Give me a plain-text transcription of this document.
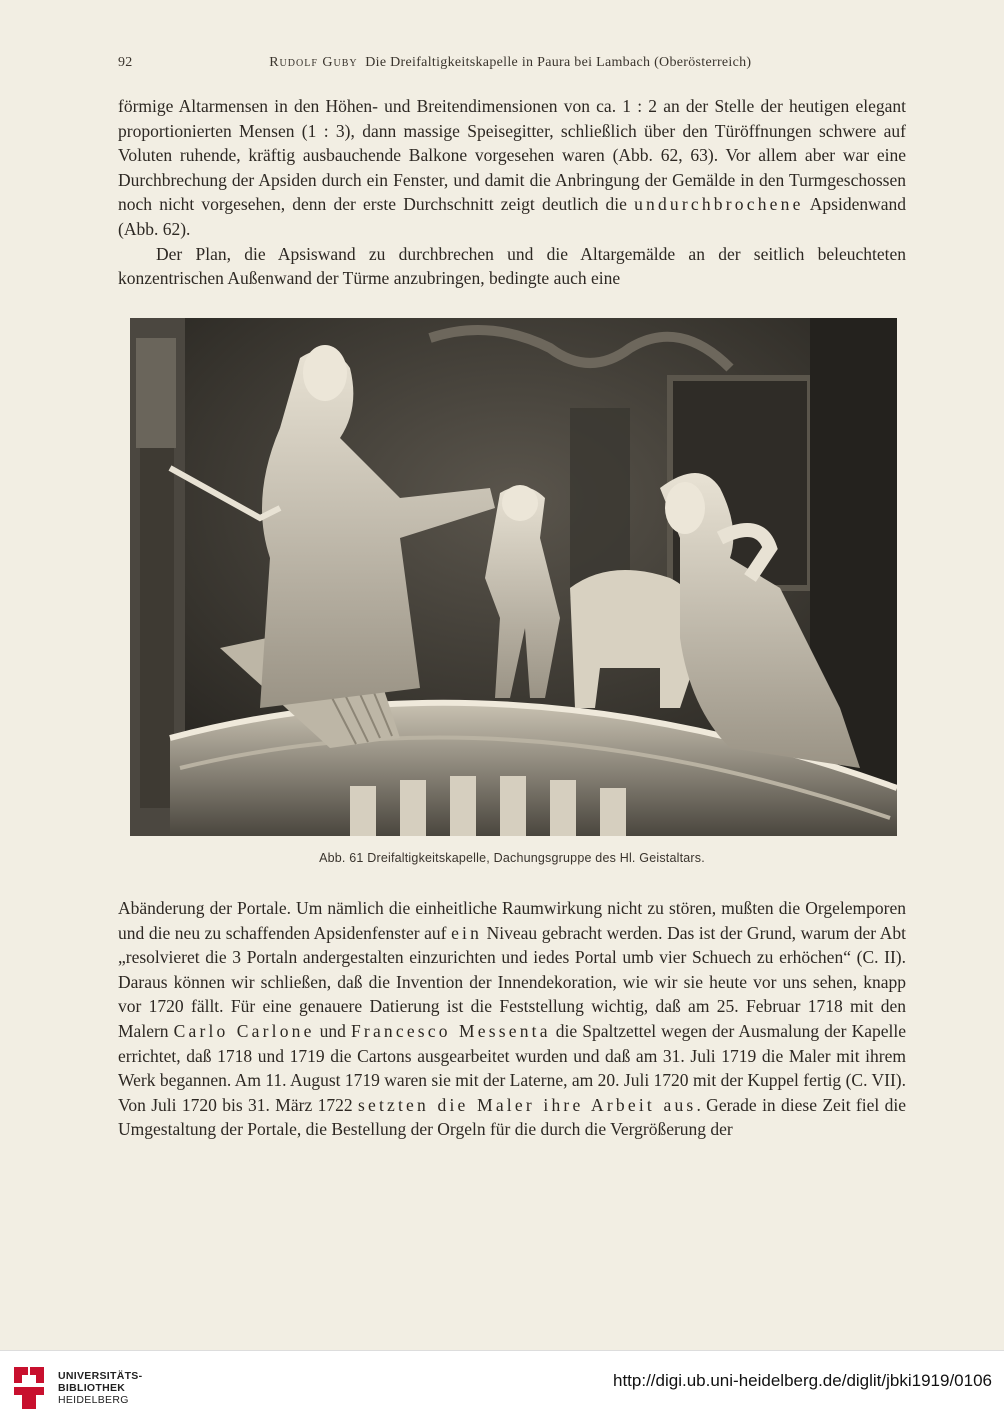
92	Rudolf Guby Die Dreifaltigkeitskapelle in Paura bei Lambach (Oberösterreich)

förmige Altarmensen in den Höhen- und Breitendimensionen von ca. 1 : 2 an der Stelle der heutigen elegant proportionierten Mensen (1 : 3), dann massige Speisegitter, schließlich über den Türöffnungen schwere auf Voluten ruhende, kräftig ausbauchende Balkone vorgesehen waren (Abb. 62, 63). Vor allem aber war eine Durchbrechung der Apsiden durch ein Fenster, und damit die Anbringung der Gemälde in den Turmgeschossen noch nicht vorgesehen, denn der erste Durchschnitt zeigt deutlich die undurchbrochene Apsidenwand (Abb. 62).

Der Plan, die Apsiswand zu durchbrechen und die Altargemälde an der seitlich beleuchteten konzentrischen Außenwand der Türme anzubringen, bedingte auch eine

Abb. 61 Dreifaltigkeitskapelle, Dachungsgruppe des Hl. Geistaltars.

Abänderung der Portale. Um nämlich die einheitliche Raumwirkung nicht zu stören, mußten die Orgelemporen und die neu zu schaffenden Apsidenfenster auf ein Niveau gebracht werden. Das ist der Grund, warum der Abt „resolvieret die 3 Portaln andergestalten einzurichten und iedes Portal umb vier Schuech zu erhöchen“ (C. II). Daraus können wir schließen, daß die Invention der Innendekoration, wie wir sie heute vor uns sehen, knapp vor 1720 fällt. Für eine genauere Datierung ist die Feststellung wichtig, daß am 25. Februar 1718 mit den Malern Carlo Carlone und Francesco Messenta die Spaltzettel wegen der Ausmalung der Kapelle errichtet, daß 1718 und 1719 die Cartons ausgearbeitet wurden und daß am 31. Juli 1719 die Maler mit ihrem Werk begannen. Am 11. August 1719 waren sie mit der Laterne, am 20. Juli 1720 mit der Kuppel fertig (C. VII). Von Juli 1720 bis 31. März 1722 setzten die Maler ihre Arbeit aus. Gerade in diese Zeit fiel die Umgestaltung der Portale, die Bestellung der Orgeln für die durch die Vergrößerung der

UNIVERSITÄTS-
BIBLIOTHEK
HEIDELBERG
http://digi.ub.uni-heidelberg.de/diglit/jbki1919/0106
